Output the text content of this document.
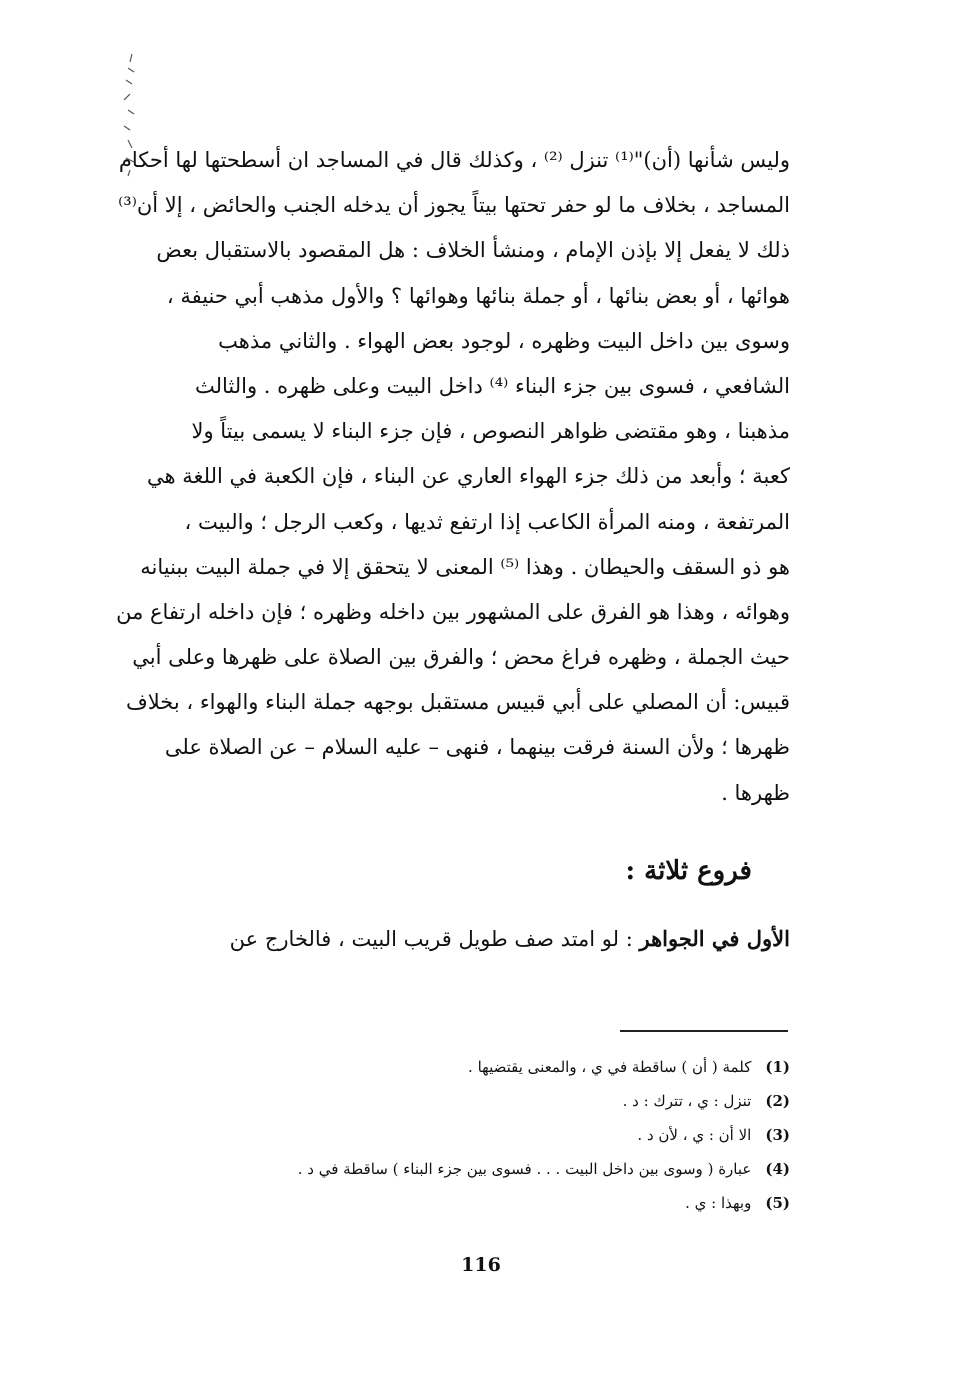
وليس شأنها (أن)"⁽¹⁾ تنزل ⁽²⁾ ، وكذلك قال في المساجد ان أسطحتها لها أحكام
المساجد ، بخلاف ما لو حفر تحتها بيتاً يجوز أن يدخله الجنب والحائض ، إلا أن⁽³⁾
ذلك لا يفعل إلا بإذن الإمام ، ومنشأ الخلاف : هل المقصود بالاستقبال بعض
هوائها ، أو بعض بنائها ، أو جملة بنائها وهوائها ؟ والأول مذهب أبي حنيفة ،
وسوى بين داخل البيت وظهره ، لوجود بعض الهواء . والثاني مذهب
الشافعي ، فسوى بين جزء البناء ⁽⁴⁾ داخل البيت وعلى ظهره . والثالث
مذهبنا ، وهو مقتضى ظواهر النصوص ، فإن جزء البناء لا يسمى بيتاً ولا
كعبة ؛ وأبعد من ذلك جزء الهواء العاري عن البناء ، فإن الكعبة في اللغة هي
المرتفعة ، ومنه المرأة الكاعب إذا ارتفع ثديها ، وكعب الرجل ؛ والبيت ،
هو ذو السقف والحيطان . وهذا ⁽⁵⁾ المعنى لا يتحقق إلا في جملة البيت ببنيانه
وهوائه ، وهذا هو الفرق على المشهور بين داخله وظهره ؛ فإن داخله ارتفاع من
حيث الجملة ، وظهره فراغ محض ؛ والفرق بين الصلاة على ظهرها وعلى أبي
قبيس: أن المصلي على أبي قبيس مستقبل بوجهه جملة البناء والهواء ، بخلاف
ظهرها ؛ ولأن السنة فرقت بينهما ، فنهى – عليه السلام – عن الصلاة على
ظهرها .
فروع ثلاثة :
الأول في الجواهر : لو امتد صف طويل قريب البيت ، فالخارج عن
(1)كلمة ( أن ) ساقطة في ي ، والمعنى يقتضيها .
(2)تنزل : ي ، تترك : د .
(3)الا أن : ي ، لأن د .
(4)عبارة ( وسوى بين داخل البيت . . . فسوى بين جزء البناء ) ساقطة في د .
(5)وبهذا : ي .
116
